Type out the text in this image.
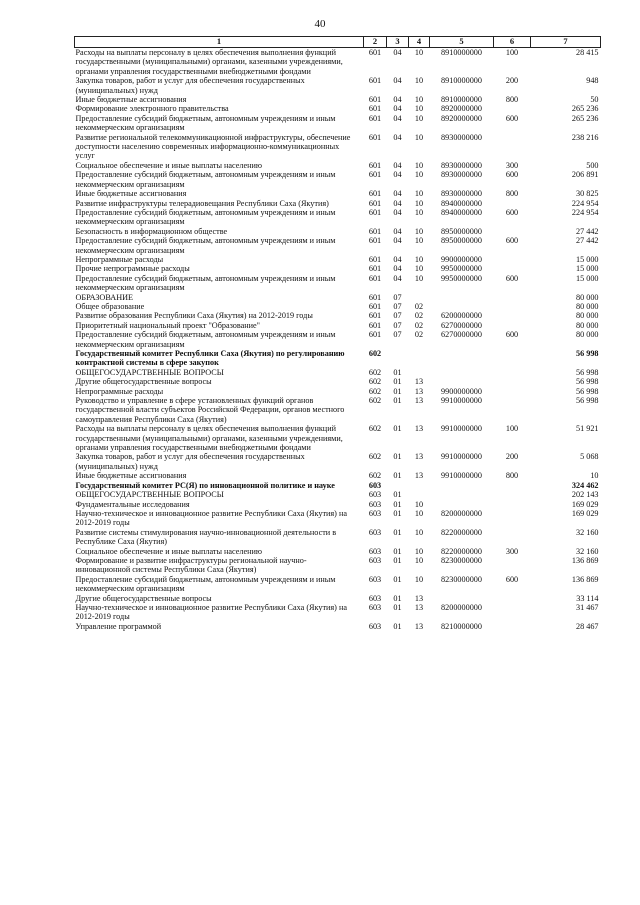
40
1	2	3	4	5	6	7
Расходы на выплаты персоналу в целях обеспечения выполнения функций государственными (муниципальными) органами, казенными учреждениями, органами управления государственными внебюджетными фондами	601	04	10	8910000000	100	28 415
Закупка товаров, работ и услуг для обеспечения государственных (муниципальных) нужд	601	04	10	8910000000	200	948
Иные бюджетные ассигнования	601	04	10	8910000000	800	50
Формирование электронного правительства	601	04	10	8920000000		265 236
Предоставление субсидий бюджетным, автономным учреждениям и иным некоммерческим организациям	601	04	10	8920000000	600	265 236
Развитие региональной телекоммуникационной инфраструктуры, обеспечение доступности населению современных информационно-коммуникационных услуг	601	04	10	8930000000		238 216
Социальное обеспечение и иные выплаты населению	601	04	10	8930000000	300	500
Предоставление субсидий бюджетным, автономным учреждениям и иным некоммерческим организациям	601	04	10	8930000000	600	206 891
Иные бюджетные ассигнования	601	04	10	8930000000	800	30 825
Развитие инфраструктуры телерадиовещания Республики Саха (Якутия)	601	04	10	8940000000		224 954
Предоставление субсидий бюджетным, автономным учреждениям и иным некоммерческим организациям	601	04	10	8940000000	600	224 954
Безопасность в информационном обществе	601	04	10	8950000000		27 442
Предоставление субсидий бюджетным, автономным учреждениям и иным некоммерческим организациям	601	04	10	8950000000	600	27 442
Непрограммные расходы	601	04	10	9900000000		15 000
Прочие непрограммные расходы	601	04	10	9950000000		15 000
Предоставление субсидий бюджетным, автономным учреждениям и иным некоммерческим организациям	601	04	10	9950000000	600	15 000
ОБРАЗОВАНИЕ	601	07				80 000
Общее образование	601	07	02			80 000
Развитие образования Республики Саха (Якутия) на 2012-2019 годы	601	07	02	6200000000		80 000
Приоритетный национальный проект "Образование"	601	07	02	6270000000		80 000
Предоставление субсидий бюджетным, автономным учреждениям и иным некоммерческим организациям	601	07	02	6270000000	600	80 000
Государственный комитет Республики Саха (Якутия) по регулированию контрактной системы в сфере закупок	602					56 998
ОБЩЕГОСУДАРСТВЕННЫЕ ВОПРОСЫ	602	01				56 998
Другие общегосударственные вопросы	602	01	13			56 998
Непрограммные расходы	602	01	13	9900000000		56 998
Руководство и управление в сфере установленных функций органов государственной власти субъектов Российской Федерации, органов местного самоуправления Республики Саха (Якутия)	602	01	13	9910000000		56 998
Расходы на выплаты персоналу в целях обеспечения выполнения функций государственными (муниципальными) органами, казенными учреждениями, органами управления государственными внебюджетными фондами	602	01	13	9910000000	100	51 921
Закупка товаров, работ и услуг для обеспечения государственных (муниципальных) нужд	602	01	13	9910000000	200	5 068
Иные бюджетные ассигнования	602	01	13	9910000000	800	10
Государственный комитет РС(Я) по инновационной политике и науке	603					324 462
ОБЩЕГОСУДАРСТВЕННЫЕ ВОПРОСЫ	603	01				202 143
Фундаментальные исследования	603	01	10			169 029
Научно-техническое и инновационное развитие Республики Саха (Якутия) на 2012-2019 годы	603	01	10	8200000000		169 029
Развитие системы стимулирования научно-инновационной деятельности в Республике Саха (Якутия)	603	01	10	8220000000		32 160
Социальное обеспечение и иные выплаты населению	603	01	10	8220000000	300	32 160
Формирование и развитие инфраструктуры региональной научно-инновационной системы Республики Саха (Якутия)	603	01	10	8230000000		136 869
Предоставление субсидий бюджетным, автономным учреждениям и иным некоммерческим организациям	603	01	10	8230000000	600	136 869
Другие общегосударственные вопросы	603	01	13			33 114
Научно-техническое и инновационное развитие Республики Саха (Якутия) на 2012-2019 годы	603	01	13	8200000000		31 467
Управление программой	603	01	13	8210000000		28 467
